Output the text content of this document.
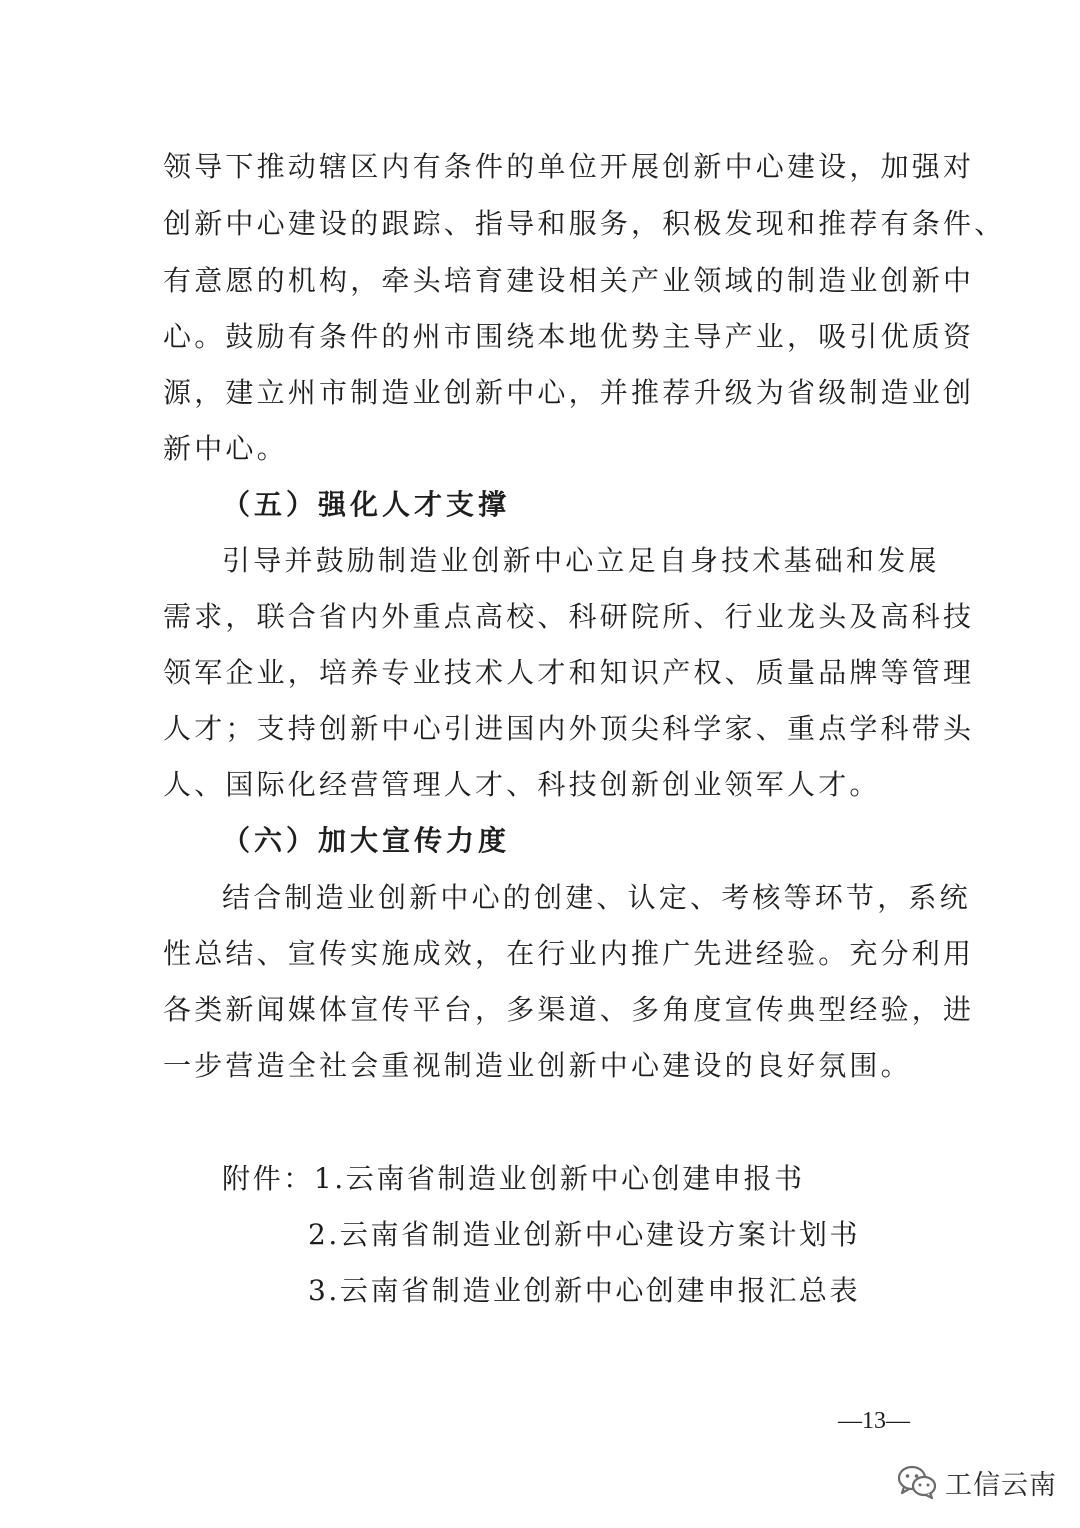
领导下推动辖区内有条件的单位开展创新中心建设，加强对
创新中心建设的跟踪、指导和服务，积极发现和推荐有条件、
有意愿的机构，牵头培育建设相关产业领域的制造业创新中
心。鼓励有条件的州市围绕本地优势主导产业，吸引优质资
源，建立州市制造业创新中心，并推荐升级为省级制造业创
新中心。
（五）强化人才支撑
引导并鼓励制造业创新中心立足自身技术基础和发展
需求，联合省内外重点高校、科研院所、行业龙头及高科技
领军企业，培养专业技术人才和知识产权、质量品牌等管理
人才；支持创新中心引进国内外顶尖科学家、重点学科带头
人、国际化经营管理人才、科技创新创业领军人才。
（六）加大宣传力度
结合制造业创新中心的创建、认定、考核等环节，系统
性总结、宣传实施成效，在行业内推广先进经验。充分利用
各类新闻媒体宣传平台，多渠道、多角度宣传典型经验，进
一步营造全社会重视制造业创新中心建设的良好氛围。
附件：1.云南省制造业创新中心创建申报书
2.云南省制造业创新中心建设方案计划书
3.云南省制造业创新中心创建申报汇总表
—13—
工信云南
